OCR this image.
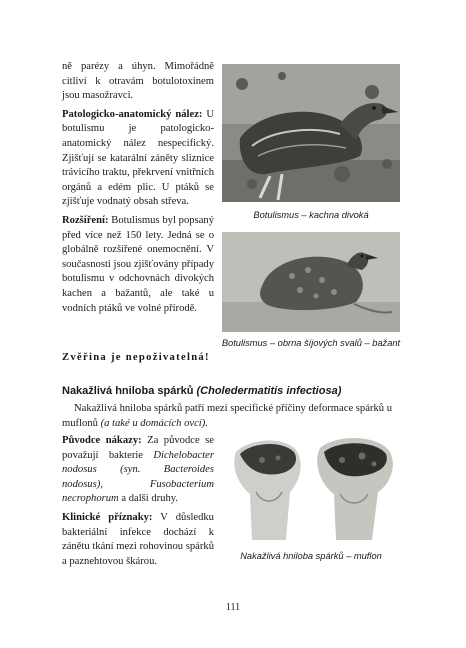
ně parézy a úhyn. Mimořádně citliví k otravám botulotoxinem jsou masožravci.

Patologicko-anatomický nález: U botulismu je patologicko-anatomický nález nespecifický. Zjišťují se katarální záněty sliznice trávicího traktu, překrvení vnitřních orgánů a edém plic. U ptáků se zjišťuje vodnatý obsah střeva.

Rozšíření: Botulismus byl popsaný před více než 150 lety. Jedná se o globálně rozšířené onemocnění. V současnosti jsou zjišťovány případy botulismu v odchovnách divokých kachen a bažantů, ale také u vodních ptáků ve volné přírodě.

Botulismus – kachna divoká
Botulismus – obrna šíjových svalů – bažant
Zvěřina je nepoživatelná!
Nakažlivá hniloba spárků (Choledermatitis infectiosa)

Nakažlivá hniloba spárků patří mezi specifické příčiny deformace spárků u muflonů (a také u domácích ovcí).

Původce nákazy: Za původce se považují bakterie Dichelobacter nodosus (syn. Bacteroides nodosus), Fusobacterium necrophorum a další druhy.

Klinické příznaky: V důsledku bakteriální infekce dochází k zánětu tkání mezi rohovinou spárků a paznehtovou škárou.	Nakažlivá hniloba spárků – muflon
111
